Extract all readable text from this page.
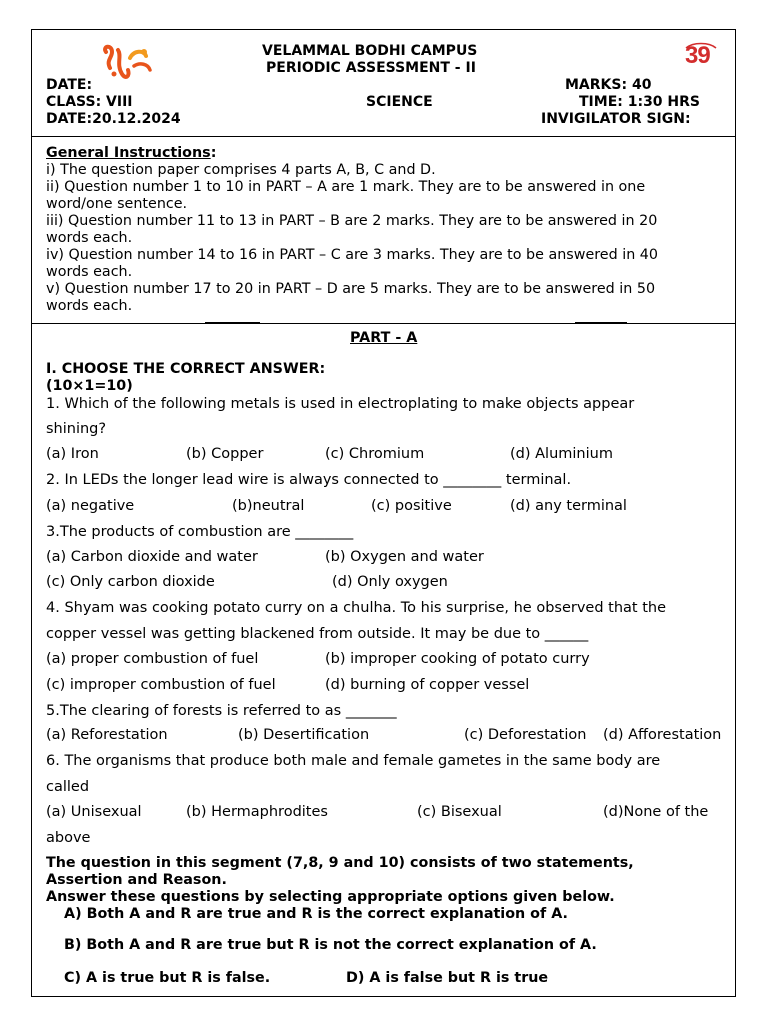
39
VELAMMAL BODHI CAMPUS
PERIODIC ASSESSMENT - II
DATE:	MARKS: 40
CLASS: VIII	SCIENCE	TIME: 1:30 HRS
DATE:20.12.2024	INVIGILATOR SIGN:
General Instructions:
i) The question paper comprises 4 parts A, B, C and D.
ii) Question number 1 to 10 in PART – A are 1 mark. They are to be answered in one
word/one sentence.
iii) Question number 11 to 13 in PART – B are 2 marks. They are to be answered in 20
words each.
iv) Question number 14 to 16 in PART – C are 3 marks. They are to be answered in 40
words each.
v) Question number 17 to 20 in PART – D are 5 marks. They are to be answered in 50
words each.
PART - A
I. CHOOSE THE CORRECT ANSWER:
(10×1=10)
1. Which of the following metals is used in electroplating to make objects appear
shining?
(a) Iron	(b) Copper	(c) Chromium	(d) Aluminium
2. In LEDs the longer lead wire is always connected to ________ terminal.
(a) negative	(b)neutral	(c) positive	(d) any terminal
3.The products of combustion are ________
(a) Carbon dioxide and water	(b) Oxygen and water
(c) Only carbon dioxide	(d) Only oxygen
4. Shyam was cooking potato curry on a chulha. To his surprise, he observed that the
copper vessel was getting blackened from outside. It may be due to ______
(a) proper combustion of fuel	(b) improper cooking of potato curry
(c) improper combustion of fuel	(d) burning of copper vessel
5.The clearing of forests is referred to as _______
(a) Reforestation	(b) Desertification	(c) Deforestation (d) Afforestation
6. The organisms that produce both male and female gametes in the same body are
called
(a) Unisexual	(b) Hermaphrodites	(c) Bisexual	(d)None of the
above
The question in this segment (7,8, 9 and 10) consists of two statements,
Assertion and Reason.
Answer these questions by selecting appropriate options given below.
A) Both A and R are true and R is the correct explanation of A.
B) Both A and R are true but R is not the correct explanation of A.
C) A is true but R is false.	D) A is false but R is true
